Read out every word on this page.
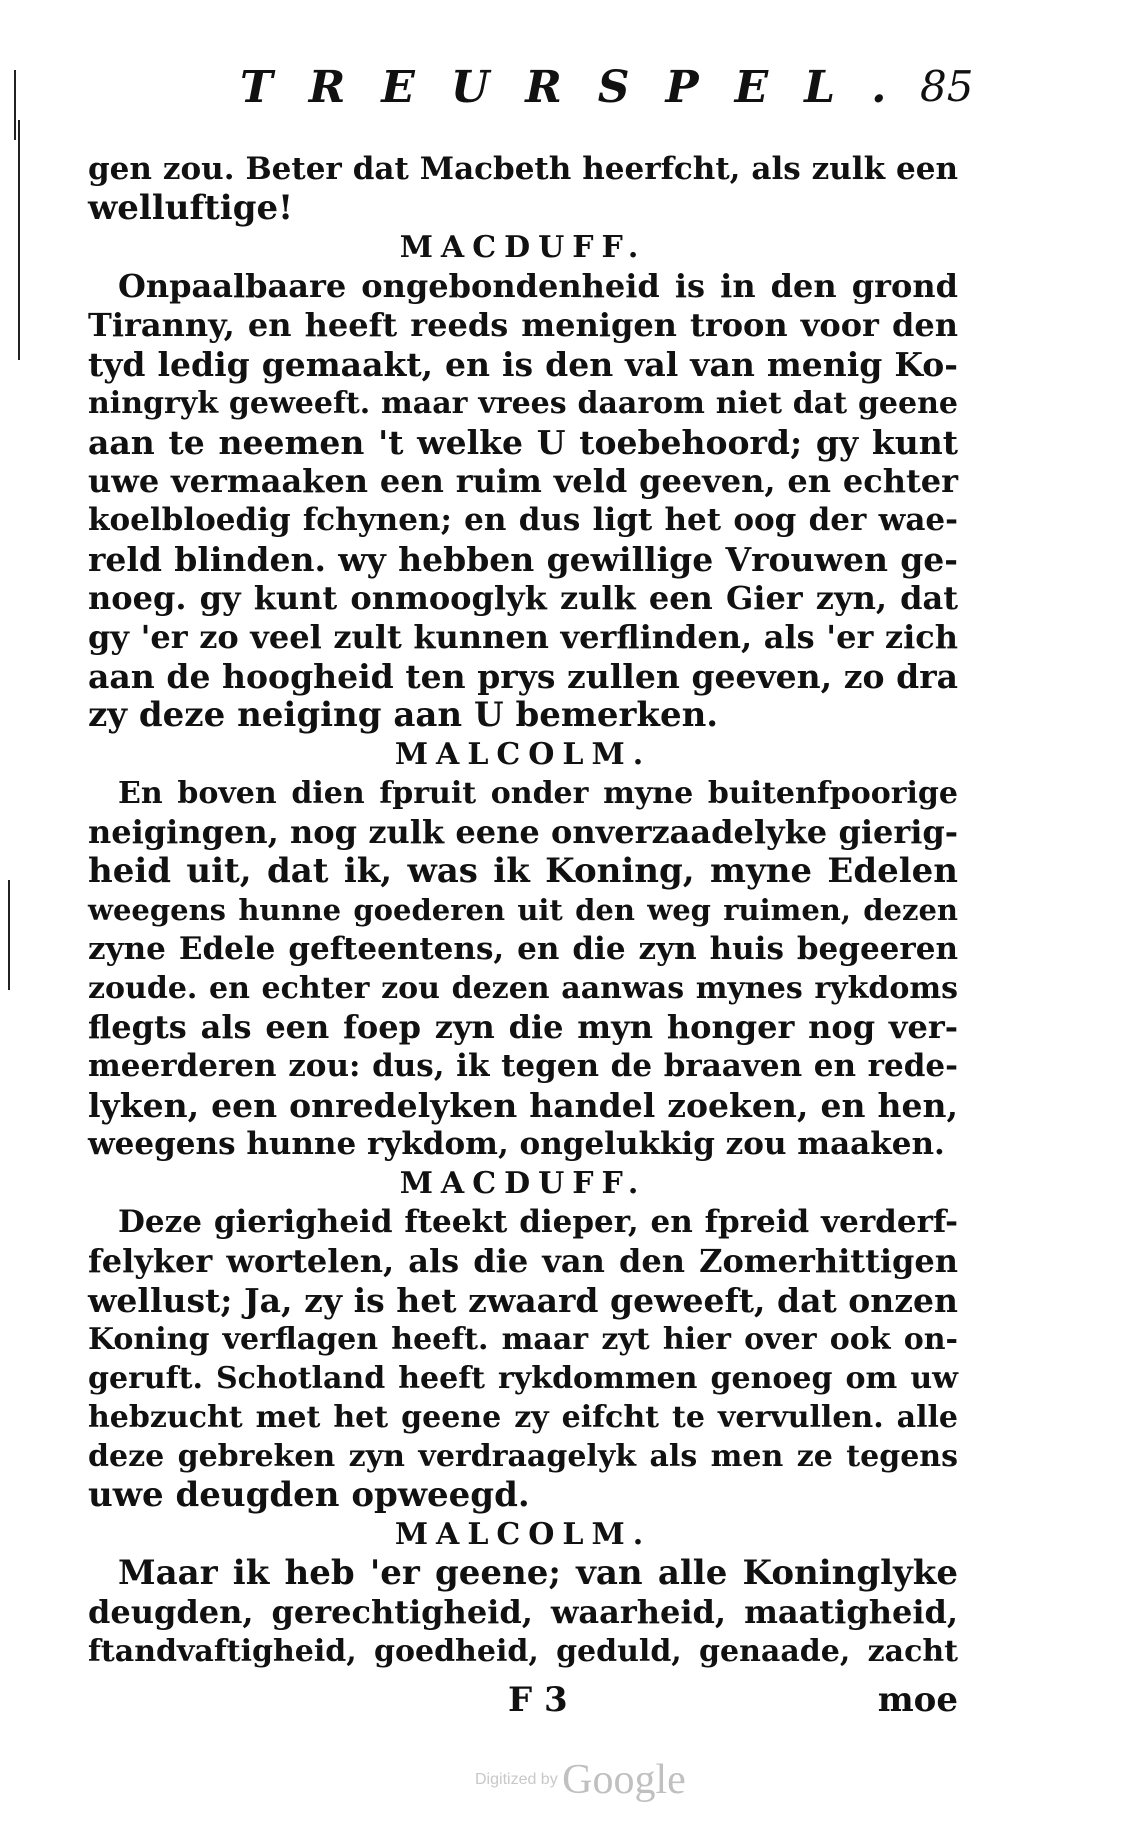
TREURSPEL.
85
gen zou. Beter dat Macbeth heerfcht, als zulk een
welluftige!
MACDUFF.
Onpaalbaare ongebondenheid is in den grond
Tiranny, en heeft reeds menigen troon voor den
tyd ledig gemaakt, en is den val van menig Ko-
ningryk geweeft. maar vrees daarom niet dat geene
aan te neemen 't welke U toebehoord; gy kunt
uwe vermaaken een ruim veld geeven, en echter
koelbloedig fchynen; en dus ligt het oog der wae-
reld blinden. wy hebben gewillige Vrouwen ge-
noeg. gy kunt onmooglyk zulk een Gier zyn, dat
gy 'er zo veel zult kunnen verflinden, als 'er zich
aan de hoogheid ten prys zullen geeven, zo dra
zy deze neiging aan U bemerken.
MALCOLM.
En boven dien fpruit onder myne buitenfpoorige
neigingen, nog zulk eene onverzaadelyke gierig-
heid uit, dat ik, was ik Koning, myne Edelen
weegens hunne goederen uit den weg ruimen, dezen
zyne Edele gefteentens, en die zyn huis begeeren
zoude. en echter zou dezen aanwas mynes rykdoms
flegts als een foep zyn die myn honger nog ver-
meerderen zou: dus, ik tegen de braaven en rede-
lyken, een onredelyken handel zoeken, en hen,
weegens hunne rykdom, ongelukkig zou maaken.
MACDUFF.
Deze gierigheid fteekt dieper, en fpreid verderf-
felyker wortelen, als die van den Zomerhittigen
wellust; Ja, zy is het zwaard geweeft, dat onzen
Koning verflagen heeft. maar zyt hier over ook on-
geruft. Schotland heeft rykdommen genoeg om uw
hebzucht met het geene zy eifcht te vervullen. alle
deze gebreken zyn verdraagelyk als men ze tegens
uwe deugden opweegd.
MALCOLM.
Maar ik heb 'er geene; van alle Koninglyke
deugden, gerechtigheid, waarheid, maatigheid,
ftandvaftigheid, goedheid, geduld, genaade, zacht
F 3	moe
Digitized by Google
